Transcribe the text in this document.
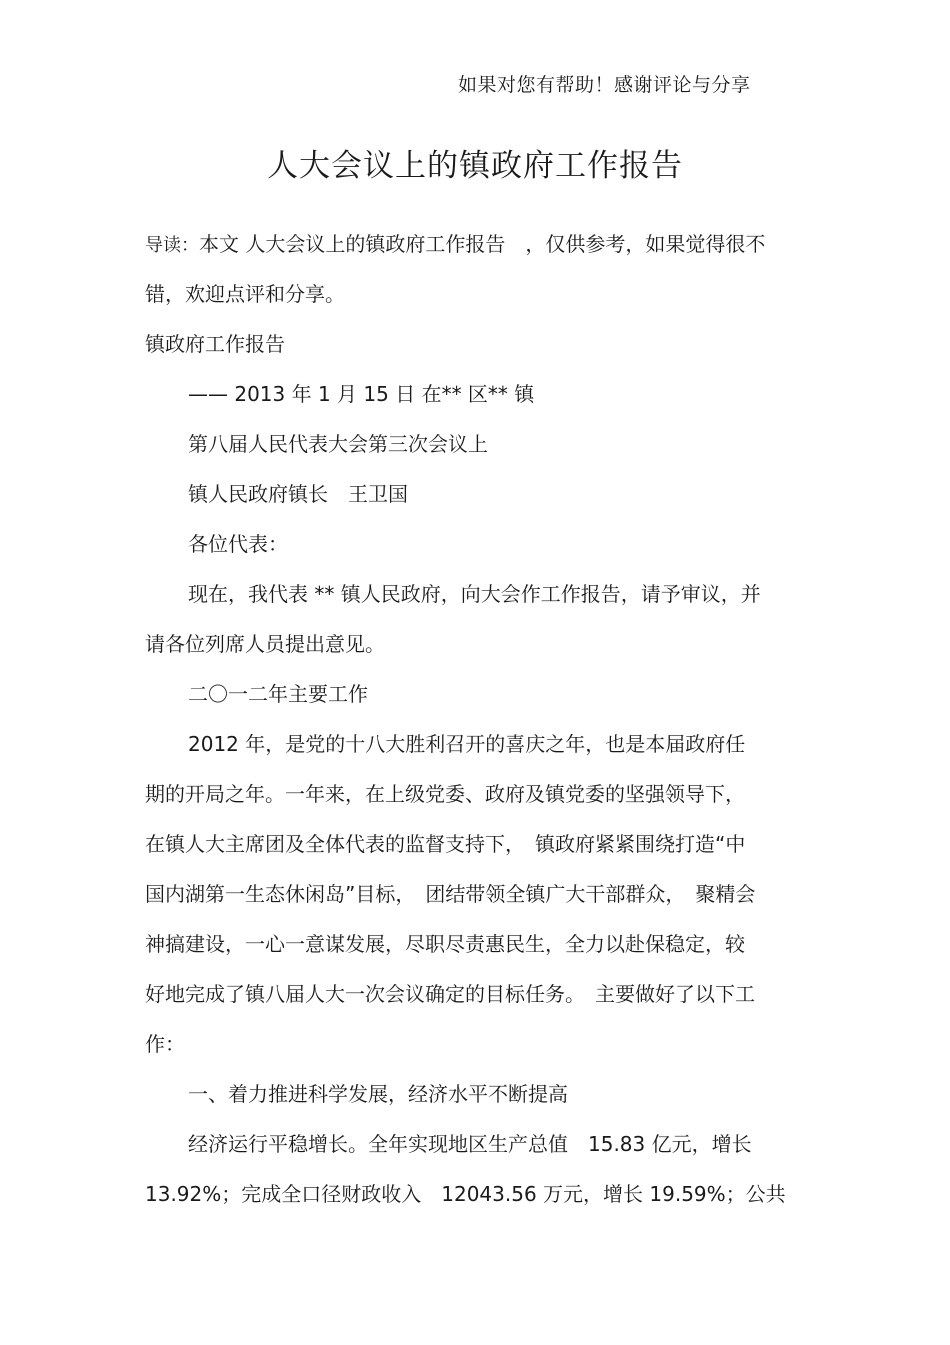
如果对您有帮助！感谢评论与分享
人大会议上的镇政府工作报告
导读：本文 人大会议上的镇政府工作报告　，仅供参考，如果觉得很不
错，欢迎点评和分享。
镇政府工作报告
—— 2013 年 1 月 15 日 在** 区** 镇
第八届人民代表大会第三次会议上
镇人民政府镇长　王卫国
各位代表：
现在，我代表 ** 镇人民政府，向大会作工作报告，请予审议，并
请各位列席人员提出意见。
二〇一二年主要工作
2012 年，是党的十八大胜利召开的喜庆之年，也是本届政府任
期的开局之年。一年来，在上级党委、政府及镇党委的坚强领导下，
在镇人大主席团及全体代表的监督支持下，　镇政府紧紧围绕打造“中
国内湖第一生态休闲岛”目标，　团结带领全镇广大干部群众，　聚精会
神搞建设，一心一意谋发展，尽职尽责惠民生，全力以赴保稳定，较
好地完成了镇八届人大一次会议确定的目标任务。　主要做好了以下工
作：
一、着力推进科学发展，经济水平不断提高
经济运行平稳增长。全年实现地区生产总值　15.83 亿元，增长
13.92%；完成全口径财政收入　12043.56 万元，增长 19.59%；公共
